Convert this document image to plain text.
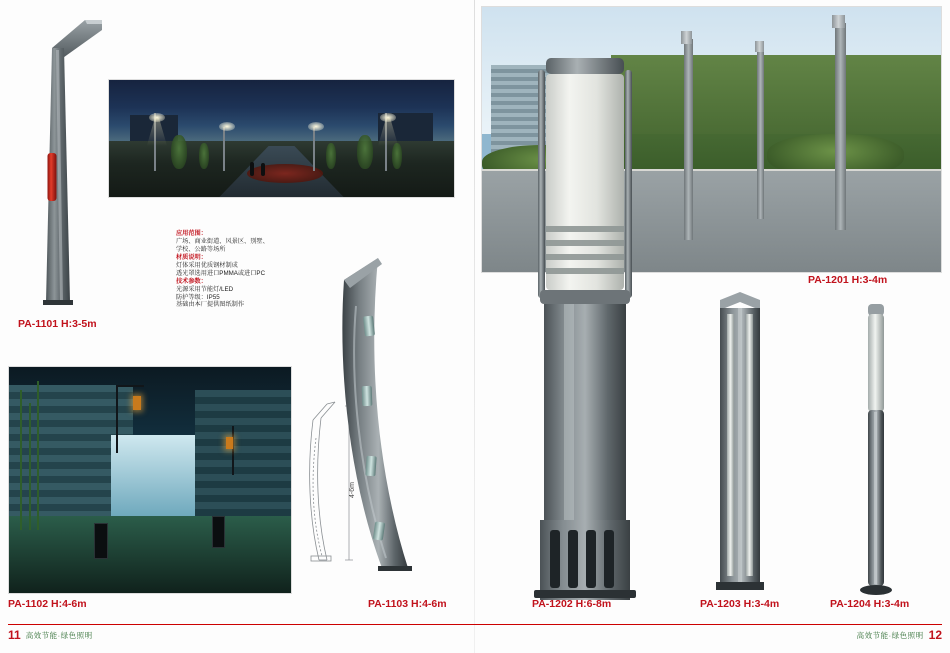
PA-1101 H:3-5m
应用范围：
广场、商业街道、风景区、别墅、
学校、公路等场所
材质说明：
灯体采用优质钢材制成
透光罩选用进口PMMA或进口PC
技术参数：
光源采用节能灯/LED
防护等级：IP55
基础由本厂提供图纸制作
PA-1102 H:4-6m
4-6m
PA-1103 H:4-6m
PA-1201 H:3-4m
PA-1202 H:6-8m	PA-1203 H:3-4m	PA-1204 H:3-4m
11 高效节能·绿色照明	高效节能·绿色照明 12
